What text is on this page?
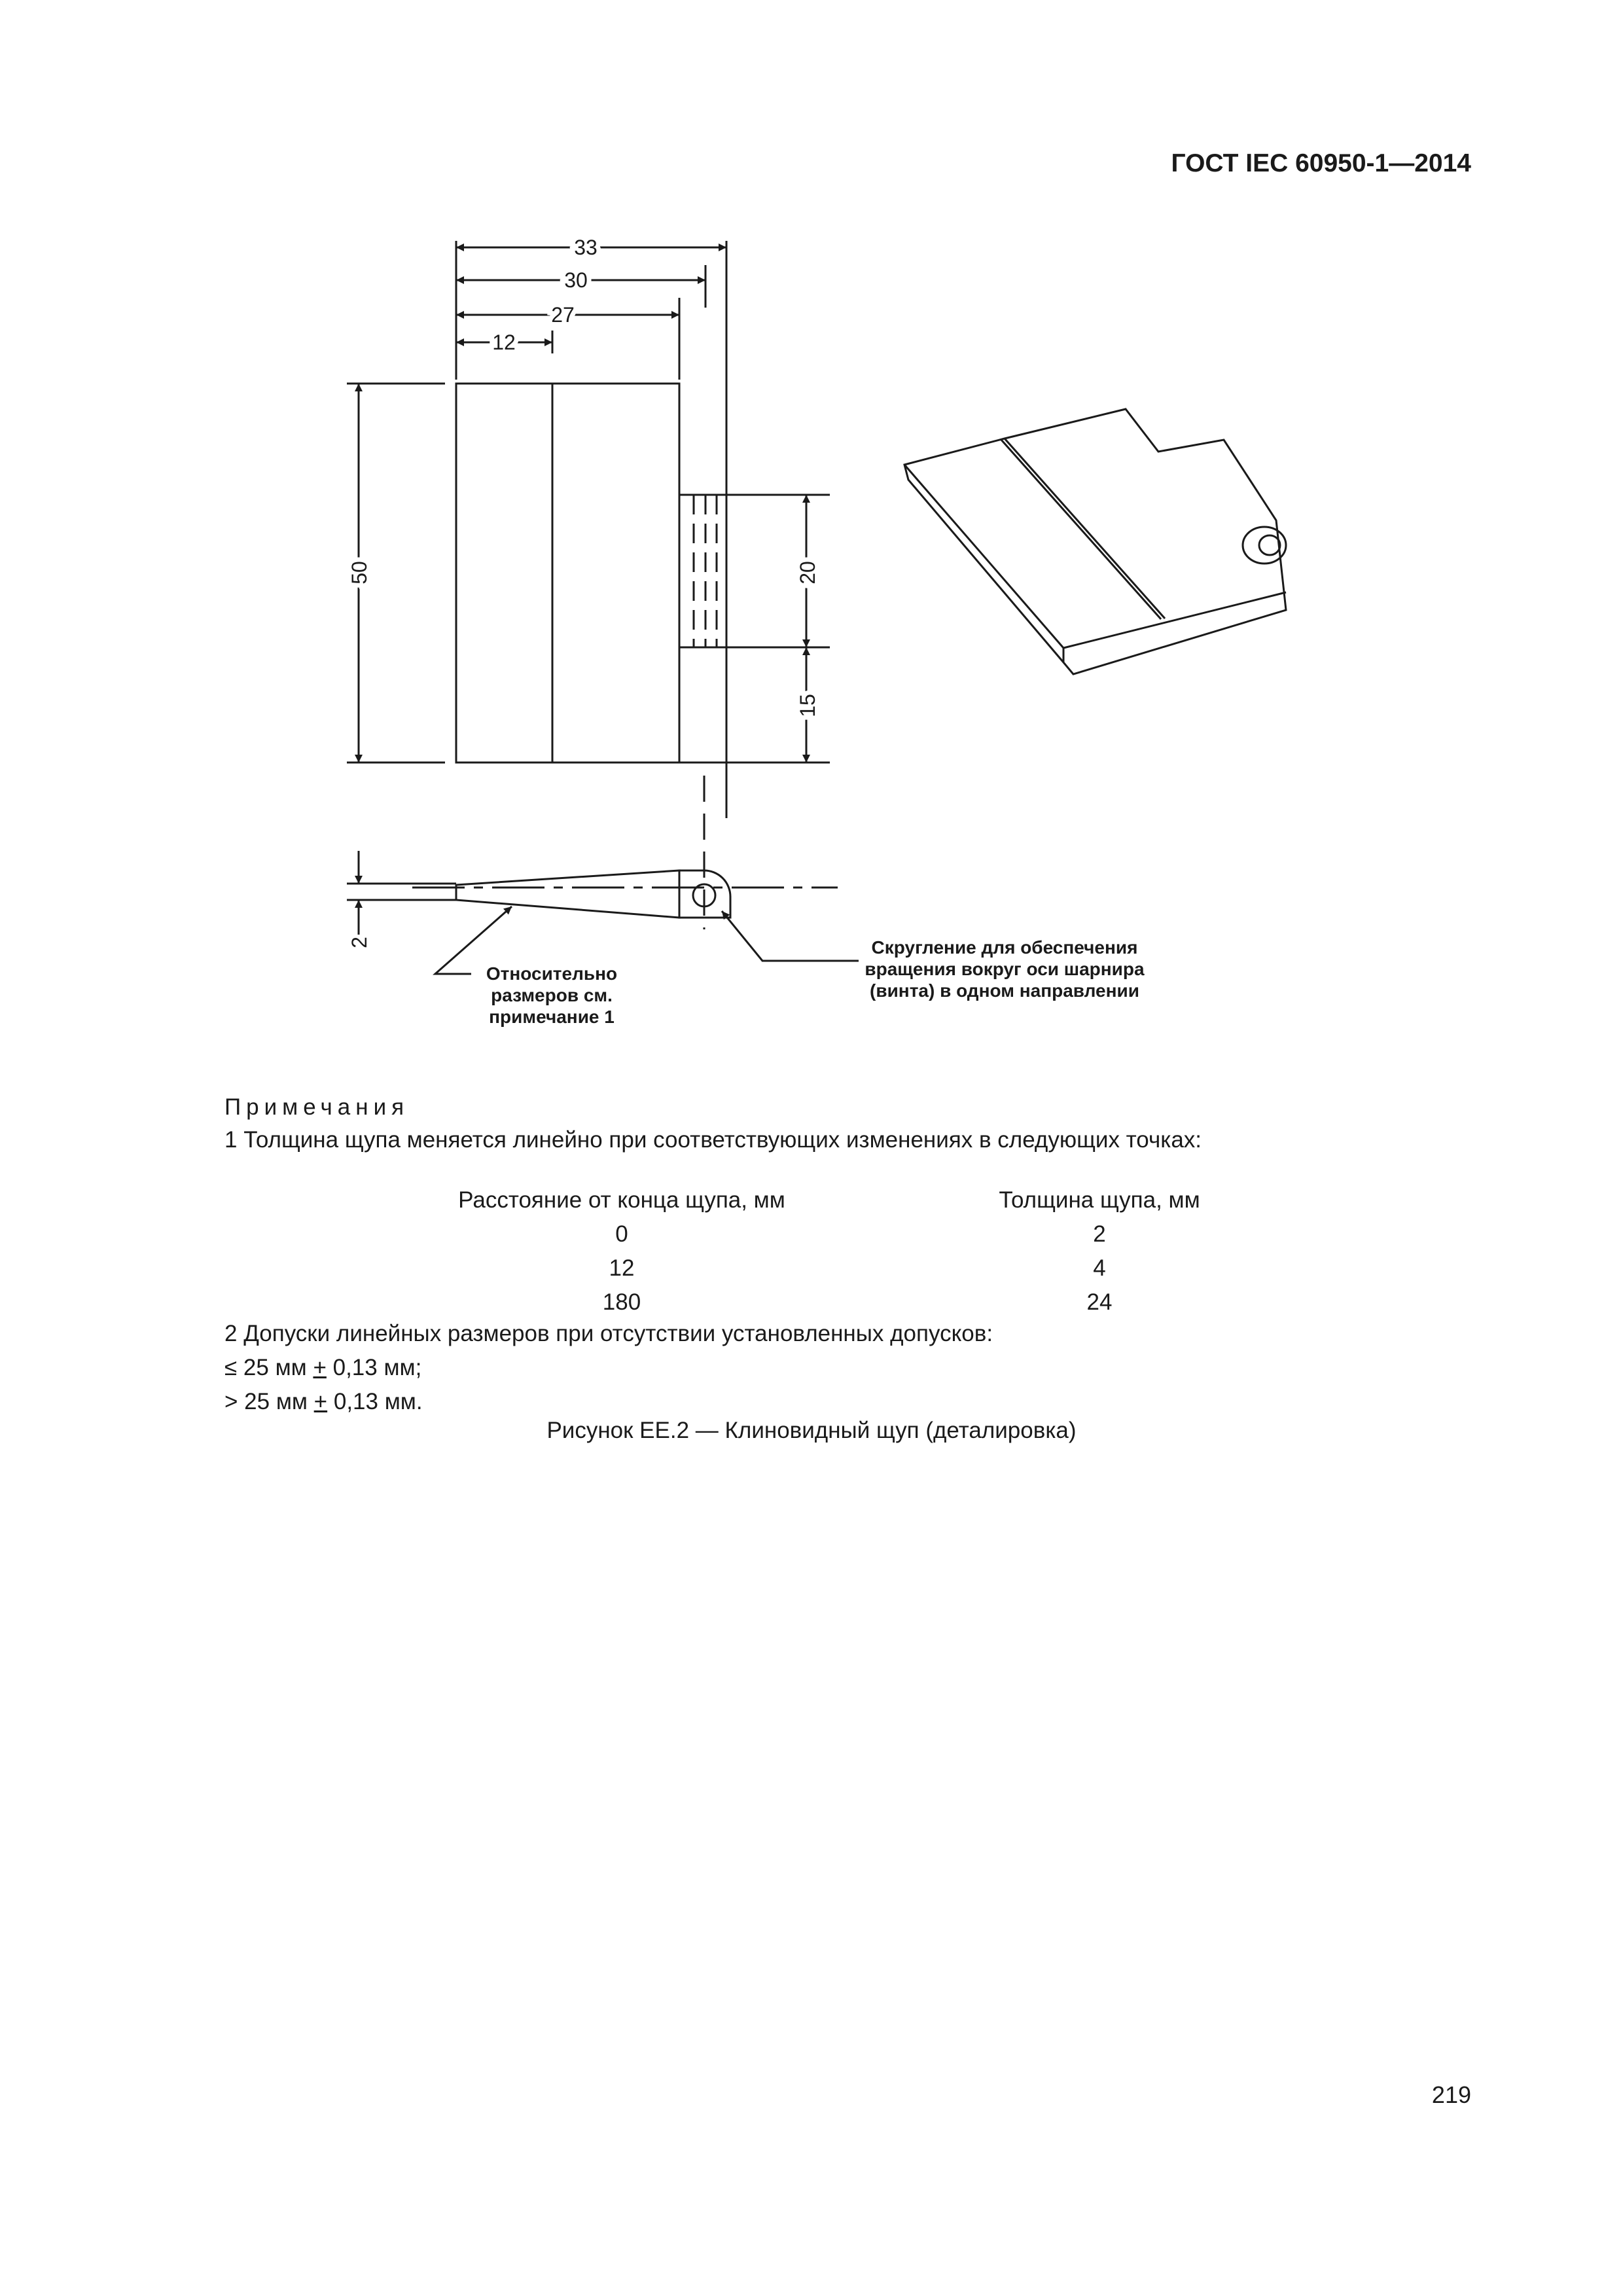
ГОСТ IEC 60950-1—2014
33
30
27
12
50	20
15
2
Относительно
размеров см.
примечание 1
Скругление для обеспечения
вращения вокруг оси шарнира
(винта) в одном направлении
Примечания
1 Толщина щупа меняется линейно при соответствующих изменениях в следующих точках:
Расстояние от конца щупа, мм	Толщина щупа, мм
0	2
12	4
180	24
2 Допуски линейных размеров при отсутствии установленных допусков:
≤ 25 мм + 0,13 мм;
> 25 мм + 0,13 мм.
Рисунок ЕЕ.2 — Клиновидный щуп (деталировка)
219
